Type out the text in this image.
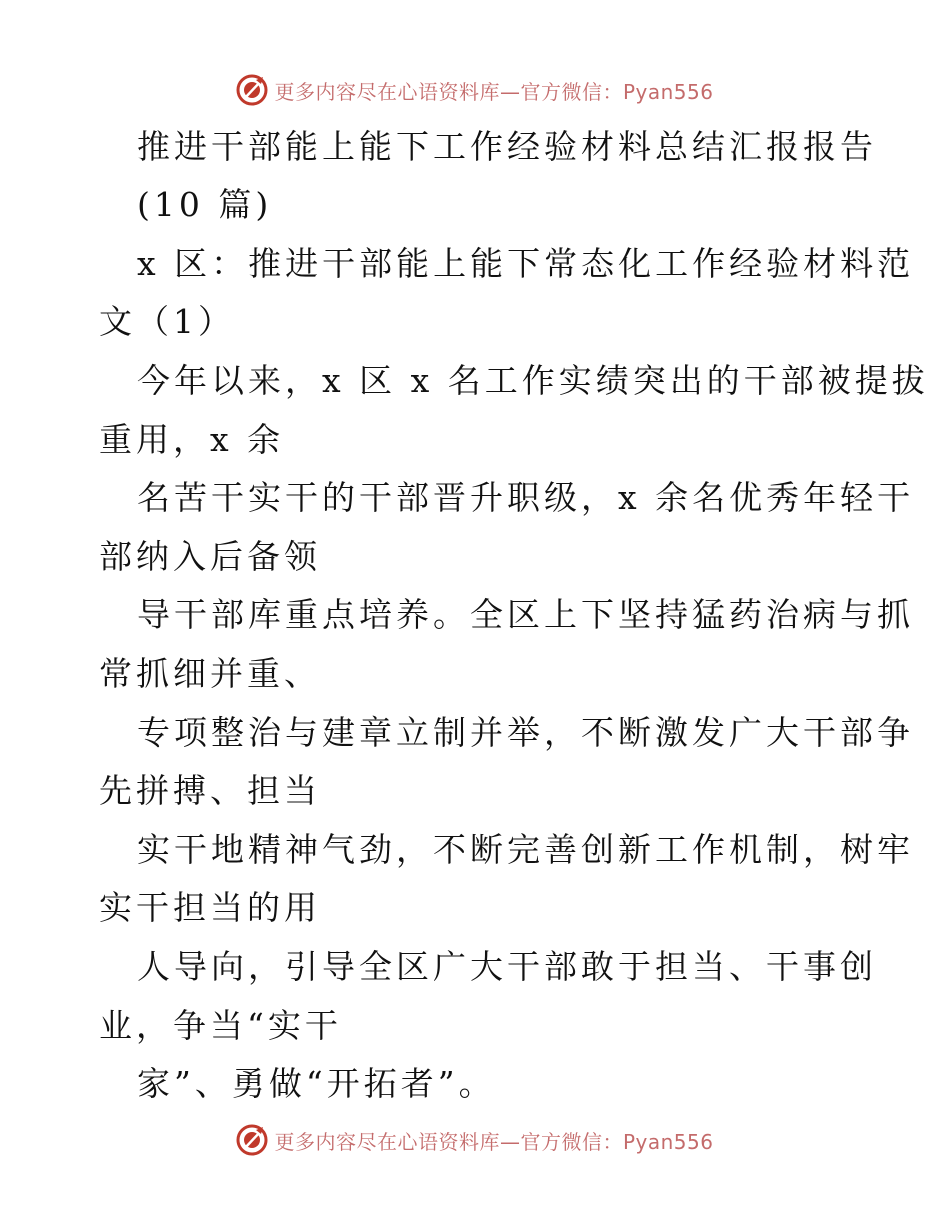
更多内容尽在心语资料库—官方微信：Pyan556
推进干部能上能下工作经验材料总结汇报报告
(10 篇)
x 区：推进干部能上能下常态化工作经验材料范
文（1）
今年以来，x 区 x 名工作实绩突出的干部被提拔
重用，x 余
名苦干实干的干部晋升职级，x 余名优秀年轻干
部纳入后备领
导干部库重点培养。全区上下坚持猛药治病与抓
常抓细并重、
专项整治与建章立制并举，不断激发广大干部争
先拼搏、担当
实干地精神气劲，不断完善创新工作机制，树牢
实干担当的用
人导向，引导全区广大干部敢于担当、干事创
业，争当“实干
家”、勇做“开拓者”。
更多内容尽在心语资料库—官方微信：Pyan556
